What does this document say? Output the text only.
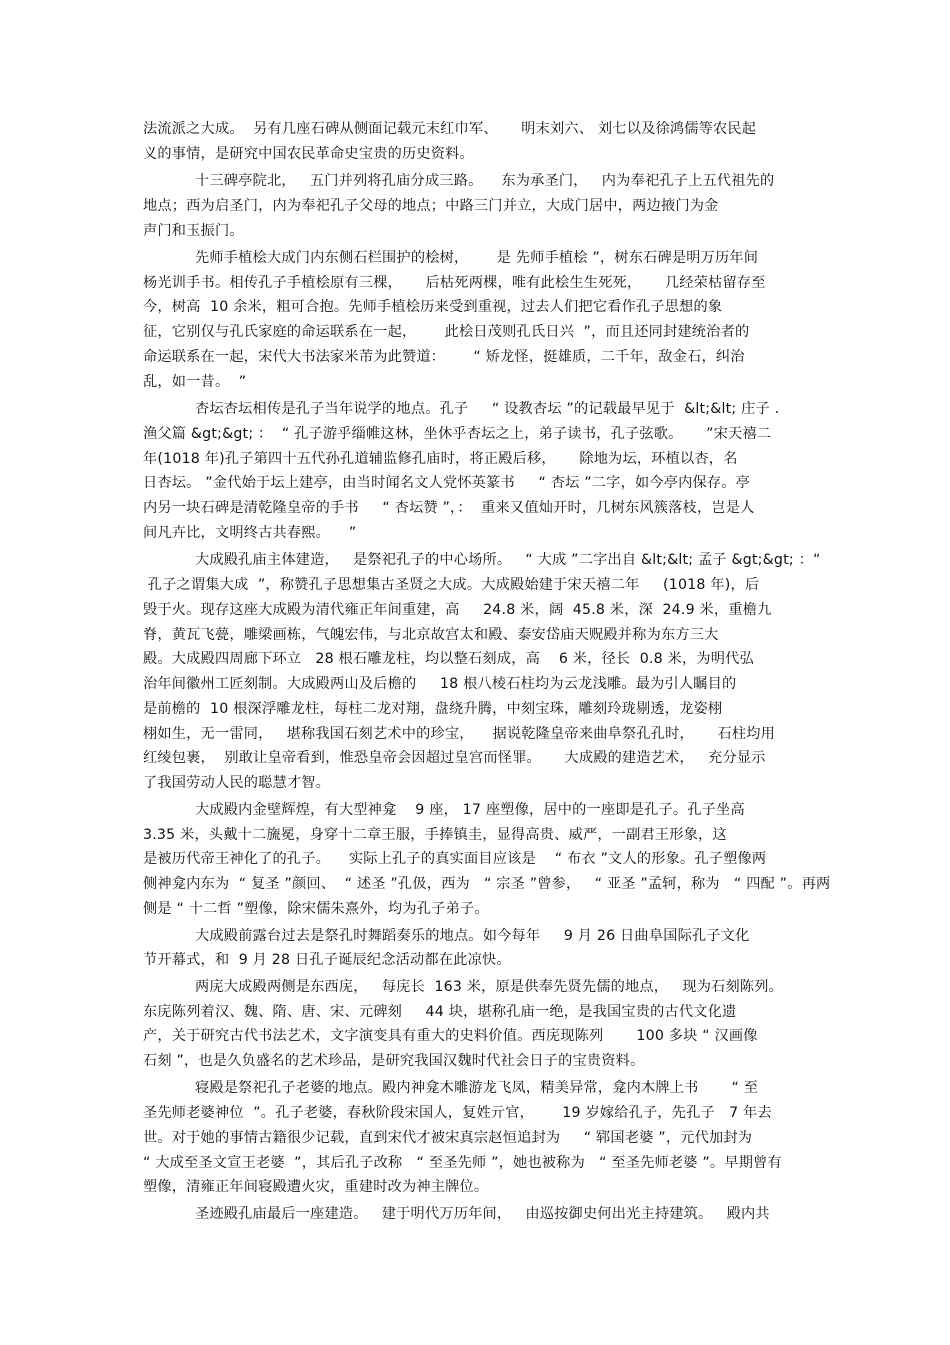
法流派之大成。  另有几座石碑从侧面记载元末红巾军、     明末刘六、 刘七以及徐鸿儒等农民起
义的事情，是研究中国农民革命史宝贵的历史资料。
十三碑亭院北，   五门并列将孔庙分成三路。    东为承圣门，   内为奉祀孔子上五代祖先的
地点；西为启圣门，内为奉祀孔子父母的地点；中路三门并立，大成门居中，两边掖门为金
声门和玉振门。
先师手植桧大成门内东侧石栏围护的桧树，      是 先师手植桧 ”，树东石碑是明万历年间
杨光训手书。相传孔子手植桧原有三棵，     后枯死两棵，唯有此桧生生死死，     几经荣枯留存至
今，树高  10 余米，粗可合抱。先师手植桧历来受到重视，过去人们把它看作孔子思想的象
征，它别仅与孔氏家庭的命运联系在一起，      此桧日茂则孔氏日兴  ”，而且还同封建统治者的
命运联系在一起，宋代大书法家米芾为此赞道：      “ 矫龙怪，挺雄质，二千年，敌金石，纠治
乱，如一昔。  ”
杏坛杏坛相传是孔子当年说学的地点。孔子     “ 设教杏坛 ”的记载最早见于  &lt;&lt; 庄子 .
渔父篇 &gt;&gt; ：  “ 孔子游乎缁帷这林，坐休乎杏坛之上，弟子读书，孔子弦歌。     ”宋天禧二
年(1018 年)孔子第四十五代孙孔道辅监修孔庙时，将正殿后移，     除地为坛，环植以杏，名
日杏坛。 ”金代始于坛上建亭，由当时闻名文人党怀英篆书     “ 杏坛 ”二字，如今亭内保存。亭
内另一块石碑是清乾隆皇帝的手书     “ 杏坛赞 ”，：  重来又值灿开时，几树东风簇落枝，岂是人
间凡卉比，文明终古共春熙。    ”
大成殿孔庙主体建造，   是祭祀孔子的中心场所。   “ 大成 ”二字出自 &lt;&lt; 孟子 &gt;&gt; ：“
孔子之谓集大成  ”，称赞孔子思想集古圣贤之大成。大成殿始建于宋天禧二年     (1018 年)，后
毁于火。现存这座大成殿为清代雍正年间重建，高     24.8 米，阔  45.8 米，深  24.9 米，重檐九
脊，黄瓦飞甍，雕梁画栋，气魄宏伟，与北京故宫太和殿、泰安岱庙天贶殿并称为东方三大
殿。大成殿四周廊下环立   28 根石雕龙柱，均以整石刻成，高    6 米，径长  0.8 米，为明代弘
治年间徽州工匠刻制。大成殿两山及后檐的     18 根八棱石柱均为云龙浅雕。最为引人瞩目的
是前檐的  10 根深浮雕龙柱，每柱二龙对翔，盘绕升腾，中刻宝珠，雕刻玲珑剔透，龙姿栩
栩如生，无一雷同，   堪称我国石刻艺术中的珍宝，    据说乾隆皇帝来曲阜祭孔孔时，     石柱均用
红绫包裹，  别敢让皇帝看到，惟恐皇帝会因超过皇宫而怪罪。     大成殿的建造艺术，   充分显示
了我国劳动人民的聪慧才智。
大成殿内金壁辉煌，有大型神龛    9 座， 17 座塑像，居中的一座即是孔子。孔子坐高
3.35 米，头戴十二旒冕，身穿十二章王服，手捧镇圭，显得高贵、威严，一副君王形象，这
是被历代帝王神化了的孔子。    实际上孔子的真实面目应该是    “ 布衣 ”文人的形象。孔子塑像两
侧神龛内东为  “ 复圣 ”颜回、  “ 述圣 ”孔伋，西为   “ 宗圣 ”曾参，   “ 亚圣 ”孟轲，称为   “ 四配 ”。再两
侧是 “ 十二哲 ”塑像，除宋儒朱熹外，均为孔子弟子。
大成殿前露台过去是祭孔时舞蹈奏乐的地点。如今每年     9 月 26 日曲阜国际孔子文化
节开幕式，和  9 月 28 日孔子诞辰纪念活动都在此凉快。
两庑大成殿两侧是东西庑，   每庑长  163 米，原是供奉先贤先儒的地点，   现为石刻陈列。
东庑陈列着汉、魏、隋、唐、宋、元碑刻     44 块，堪称孔庙一绝，是我国宝贵的古代文化遗
产，关于研究古代书法艺术，文字演变具有重大的史料价值。西庑现陈列       100 多块 “ 汉画像
石刻 ”，也是久负盛名的艺术珍品，是研究我国汉魏时代社会日子的宝贵资料。
寝殿是祭祀孔子老婆的地点。殿内神龛木雕游龙飞凤，精美异常，龛内木牌上书       “ 至
圣先师老婆神位  ”。孔子老婆，春秋阶段宋国人，复姓亓官，      19 岁嫁给孔子，先孔子   7 年去
世。对于她的事情古籍很少记载，直到宋代才被宋真宗赵恒追封为     “ 郓国老婆 ”，元代加封为
“ 大成至圣文宣王老婆  ”，其后孔子改称   “ 至圣先师 ”，她也被称为   “ 至圣先师老婆 ”。早期曾有
塑像，清雍正年间寝殿遭火灾，重建时改为神主牌位。
圣迹殿孔庙最后一座建造。   建于明代万历年间，   由巡按御史何出光主持建筑。   殿内共
